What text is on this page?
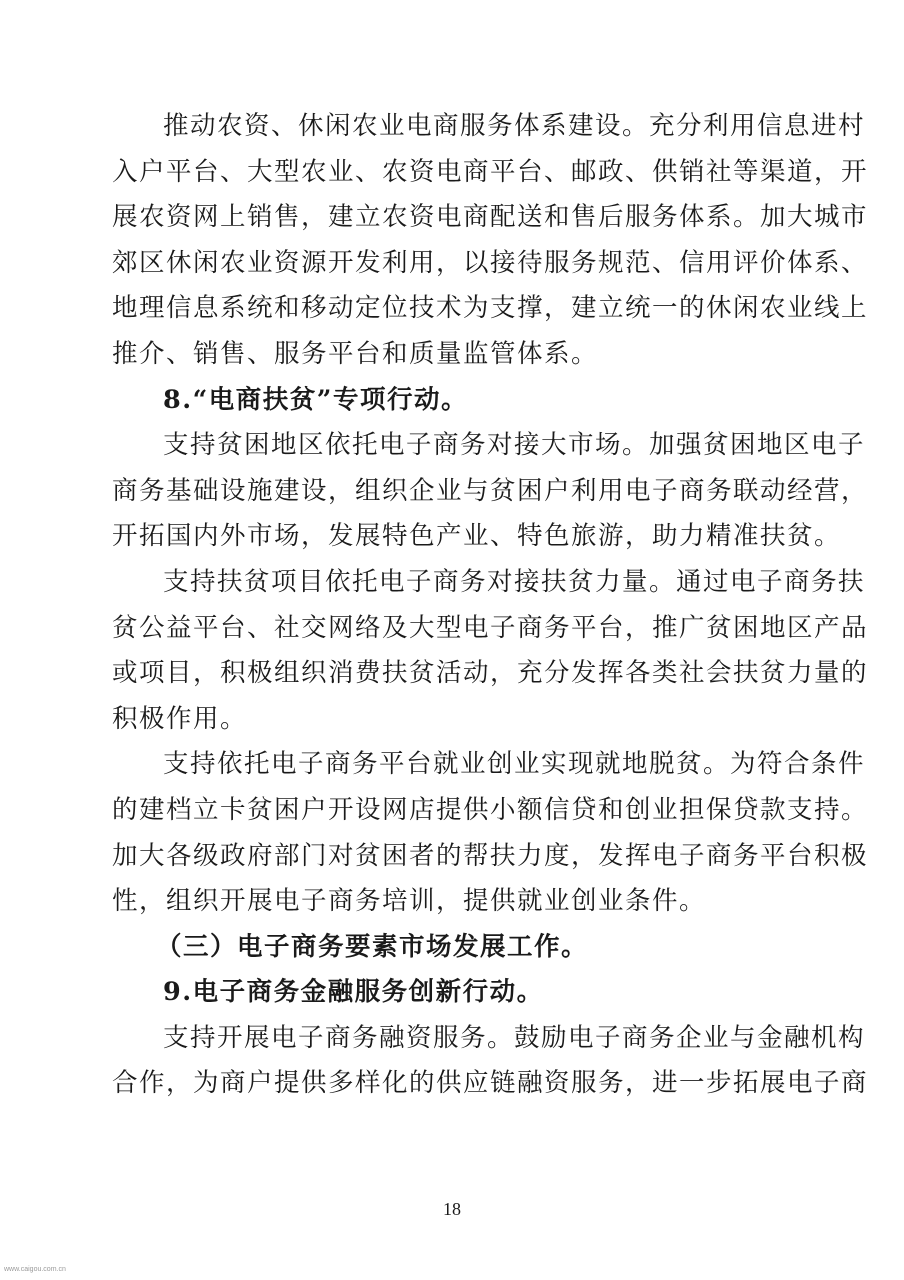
推动农资、休闲农业电商服务体系建设。充分利用信息进村
入户平台、大型农业、农资电商平台、邮政、供销社等渠道，开
展农资网上销售，建立农资电商配送和售后服务体系。加大城市
郊区休闲农业资源开发利用，以接待服务规范、信用评价体系、
地理信息系统和移动定位技术为支撑，建立统一的休闲农业线上
推介、销售、服务平台和质量监管体系。
8.“电商扶贫”专项行动。
支持贫困地区依托电子商务对接大市场。加强贫困地区电子
商务基础设施建设，组织企业与贫困户利用电子商务联动经营，
开拓国内外市场，发展特色产业、特色旅游，助力精准扶贫。
支持扶贫项目依托电子商务对接扶贫力量。通过电子商务扶
贫公益平台、社交网络及大型电子商务平台，推广贫困地区产品
或项目，积极组织消费扶贫活动，充分发挥各类社会扶贫力量的
积极作用。
支持依托电子商务平台就业创业实现就地脱贫。为符合条件
的建档立卡贫困户开设网店提供小额信贷和创业担保贷款支持。
加大各级政府部门对贫困者的帮扶力度，发挥电子商务平台积极
性，组织开展电子商务培训，提供就业创业条件。
（三）电子商务要素市场发展工作。
9.电子商务金融服务创新行动。
支持开展电子商务融资服务。鼓励电子商务企业与金融机构
合作，为商户提供多样化的供应链融资服务，进一步拓展电子商
18
www.caigou.com.cn
